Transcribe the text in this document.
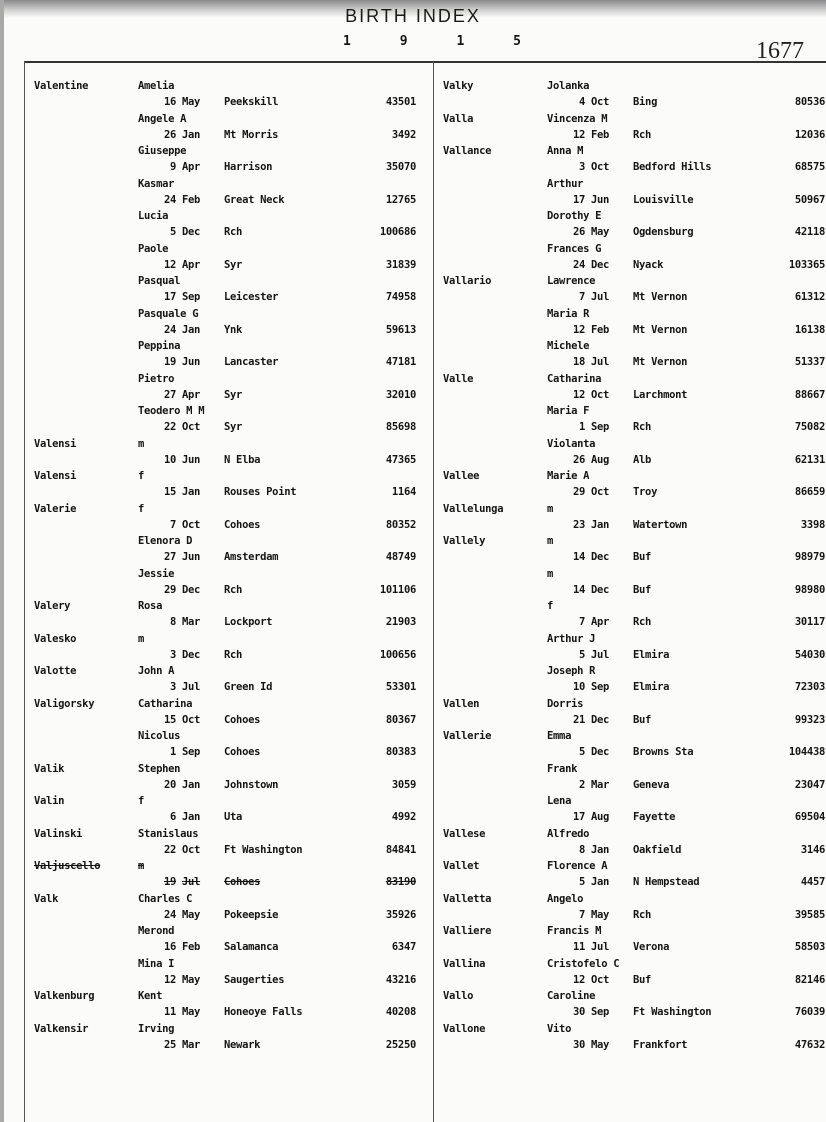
BIRTH INDEX
1	9	1	5	1677
Valentine	Amelia
16 May Peekskill	43501
Angele A
26 Jan Mt Morris	3492
Giuseppe
9 Apr Harrison	35070
Kasmar
24 Feb Great Neck	12765
Lucia
5 Dec Rch	100686
Paole
12 Apr Syr	31839
Pasqual
17 Sep Leicester	74958
Pasquale G
24 Jan Ynk	59613
Peppina
19 Jun Lancaster	47181
Pietro
27 Apr Syr	32010
Teodero M M
22 Oct Syr	85698
Valensi	m
10 Jun N Elba	47365
Valensi	f
15 Jan Rouses Point	1164
Valerie	f
7 Oct Cohoes	80352
Elenora D
27 Jun Amsterdam	48749
Jessie
29 Dec Rch	101106
Valery	Rosa
8 Mar Lockport	21903
Valesko	m
3 Dec Rch	100656
Valotte	John A
3 Jul Green Id	53301
Valigorsky	Catharina
15 Oct Cohoes	80367
Nicolus
1 Sep Cohoes	80383
Valik	Stephen
20 Jan Johnstown	3059
Valin	f
6 Jan Uta	4992
Valinski	Stanislaus
22 Oct Ft Washington	84841
Valjuscello	m
19 Jul Cohoes	83190
Valk	Charles C
24 May Pokeepsie	35926
Merond
16 Feb Salamanca	6347
Mina I
12 May Saugerties	43216
Valkenburg	Kent
11 May Honeoye Falls	40208
Valkensir	Irving
25 Mar Newark	25250
Valky	Jolanka
4 Oct Bing	80536
Valla	Vincenza M
12 Feb Rch	12036
Vallance	Anna M
3 Oct Bedford Hills	68575
Arthur
17 Jun Louisville	50967
Dorothy E
26 May Ogdensburg	42118
Frances G
24 Dec Nyack	103365
Vallario	Lawrence
7 Jul Mt Vernon	61312
Maria R
12 Feb Mt Vernon	16138
Michele
18 Jul Mt Vernon	51337
Valle	Catharina
12 Oct Larchmont	88667
Maria F
1 Sep Rch	75082
Violanta
26 Aug Alb	62131
Vallee	Marie A
29 Oct Troy	86659
Vallelunga	m
23 Jan Watertown	3398
Vallely	m
14 Dec Buf	98979
m
14 Dec Buf	98980
f
7 Apr Rch	30117
Arthur J
5 Jul Elmira	54030
Joseph R
10 Sep Elmira	72303
Vallen	Dorris
21 Dec Buf	99323
Vallerie	Emma
5 Dec Browns Sta	104438
Frank
2 Mar Geneva	23047
Lena
17 Aug Fayette	69504
Vallese	Alfredo
8 Jan Oakfield	3146
Vallet	Florence A
5 Jan N Hempstead	4457
Valletta	Angelo
7 May Rch	39585
Valliere	Francis M
11 Jul Verona	58503
Vallina	Cristofelo C
12 Oct Buf	82146
Vallo	Caroline
30 Sep Ft Washington	76039
Vallone	Vito
30 May Frankfort	47632
